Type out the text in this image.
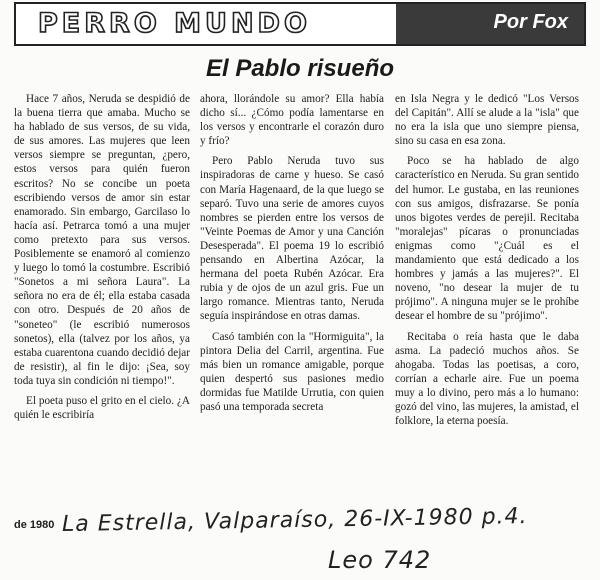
PERRO MUNDO	Por Fox
El Pablo risueño

Hace 7 años, Neruda se despidió de la buena tierra que amaba. Mucho se ha hablado de sus versos, de su vida, de sus amores. Las mujeres que leen versos siempre se preguntan, ¿pero, estos versos para quién fueron escritos? No se concibe un poeta escribiendo versos de amor sin estar enamorado. Sin embargo, Garcilaso lo hacía así. Petrarca tomó a una mujer como pretexto para sus versos. Posiblemente se enamoró al comienzo y luego lo tomó la costumbre. Escribió "Sonetos a mi señora Laura". La señora no era de él; ella estaba casada con otro. Después de 20 años de "soneteo" (le escribió numerosos sonetos), ella (talvez por los años, ya estaba cuarentona cuando decidió dejar de resistir), al fin le dijo: ¡Sea, soy toda tuya sin condición ni tiempo!".

El poeta puso el grito en el cielo. ¿A quién le escribiría

ahora, llorándole su amor? Ella había dicho sí... ¿Cómo podía lamentarse en los versos y encontrarle el corazón duro y frío?

Pero Pablo Neruda tuvo sus inspiradoras de carne y hueso. Se casó con María Hagenaard, de la que luego se separó. Tuvo una serie de amores cuyos nombres se pierden entre los versos de "Veinte Poemas de Amor y una Canción Desesperada". El poema 19 lo escribió pensando en Albertina Azócar, la hermana del poeta Rubén Azócar. Era rubia y de ojos de un azul gris. Fue un largo romance. Mientras tanto, Neruda seguía inspirándose en otras damas.

Casó también con la "Hormiguita", la pintora Delia del Carril, argentina. Fue más bien un romance amigable, porque quien despertó sus pasiones medio dormidas fue Matilde Urrutia, con quien pasó una temporada secreta

en Isla Negra y le dedicó "Los Versos del Capitán". Allí se alude a la "isla" que no era la isla que uno siempre piensa, sino su casa en esa zona.

Poco se ha hablado de algo característico en Neruda. Su gran sentido del humor. Le gustaba, en las reuniones con sus amigos, disfrazarse. Se ponía unos bigotes verdes de perejil. Recitaba "moralejas" pícaras o pronunciadas enigmas como "¿Cuál es el mandamiento que está dedicado a los hombres y jamás a las mujeres?". El noveno, "no desear la mujer de tu prójimo". A ninguna mujer se le prohíbe desear el hombre de su "prójimo".

Recitaba o reía hasta que le daba asma. La padeció muchos años. Se ahogaba. Todas las poetisas, a coro, corrían a echarle aire. Fue un poema muy a lo divino, pero más a lo humano: gozó del vino, las mujeres, la amistad, el folklore, la eterna poesía.

de 1980 La Estrella, Valparaíso, 26-IX-1980 p.4.
Leo 742
